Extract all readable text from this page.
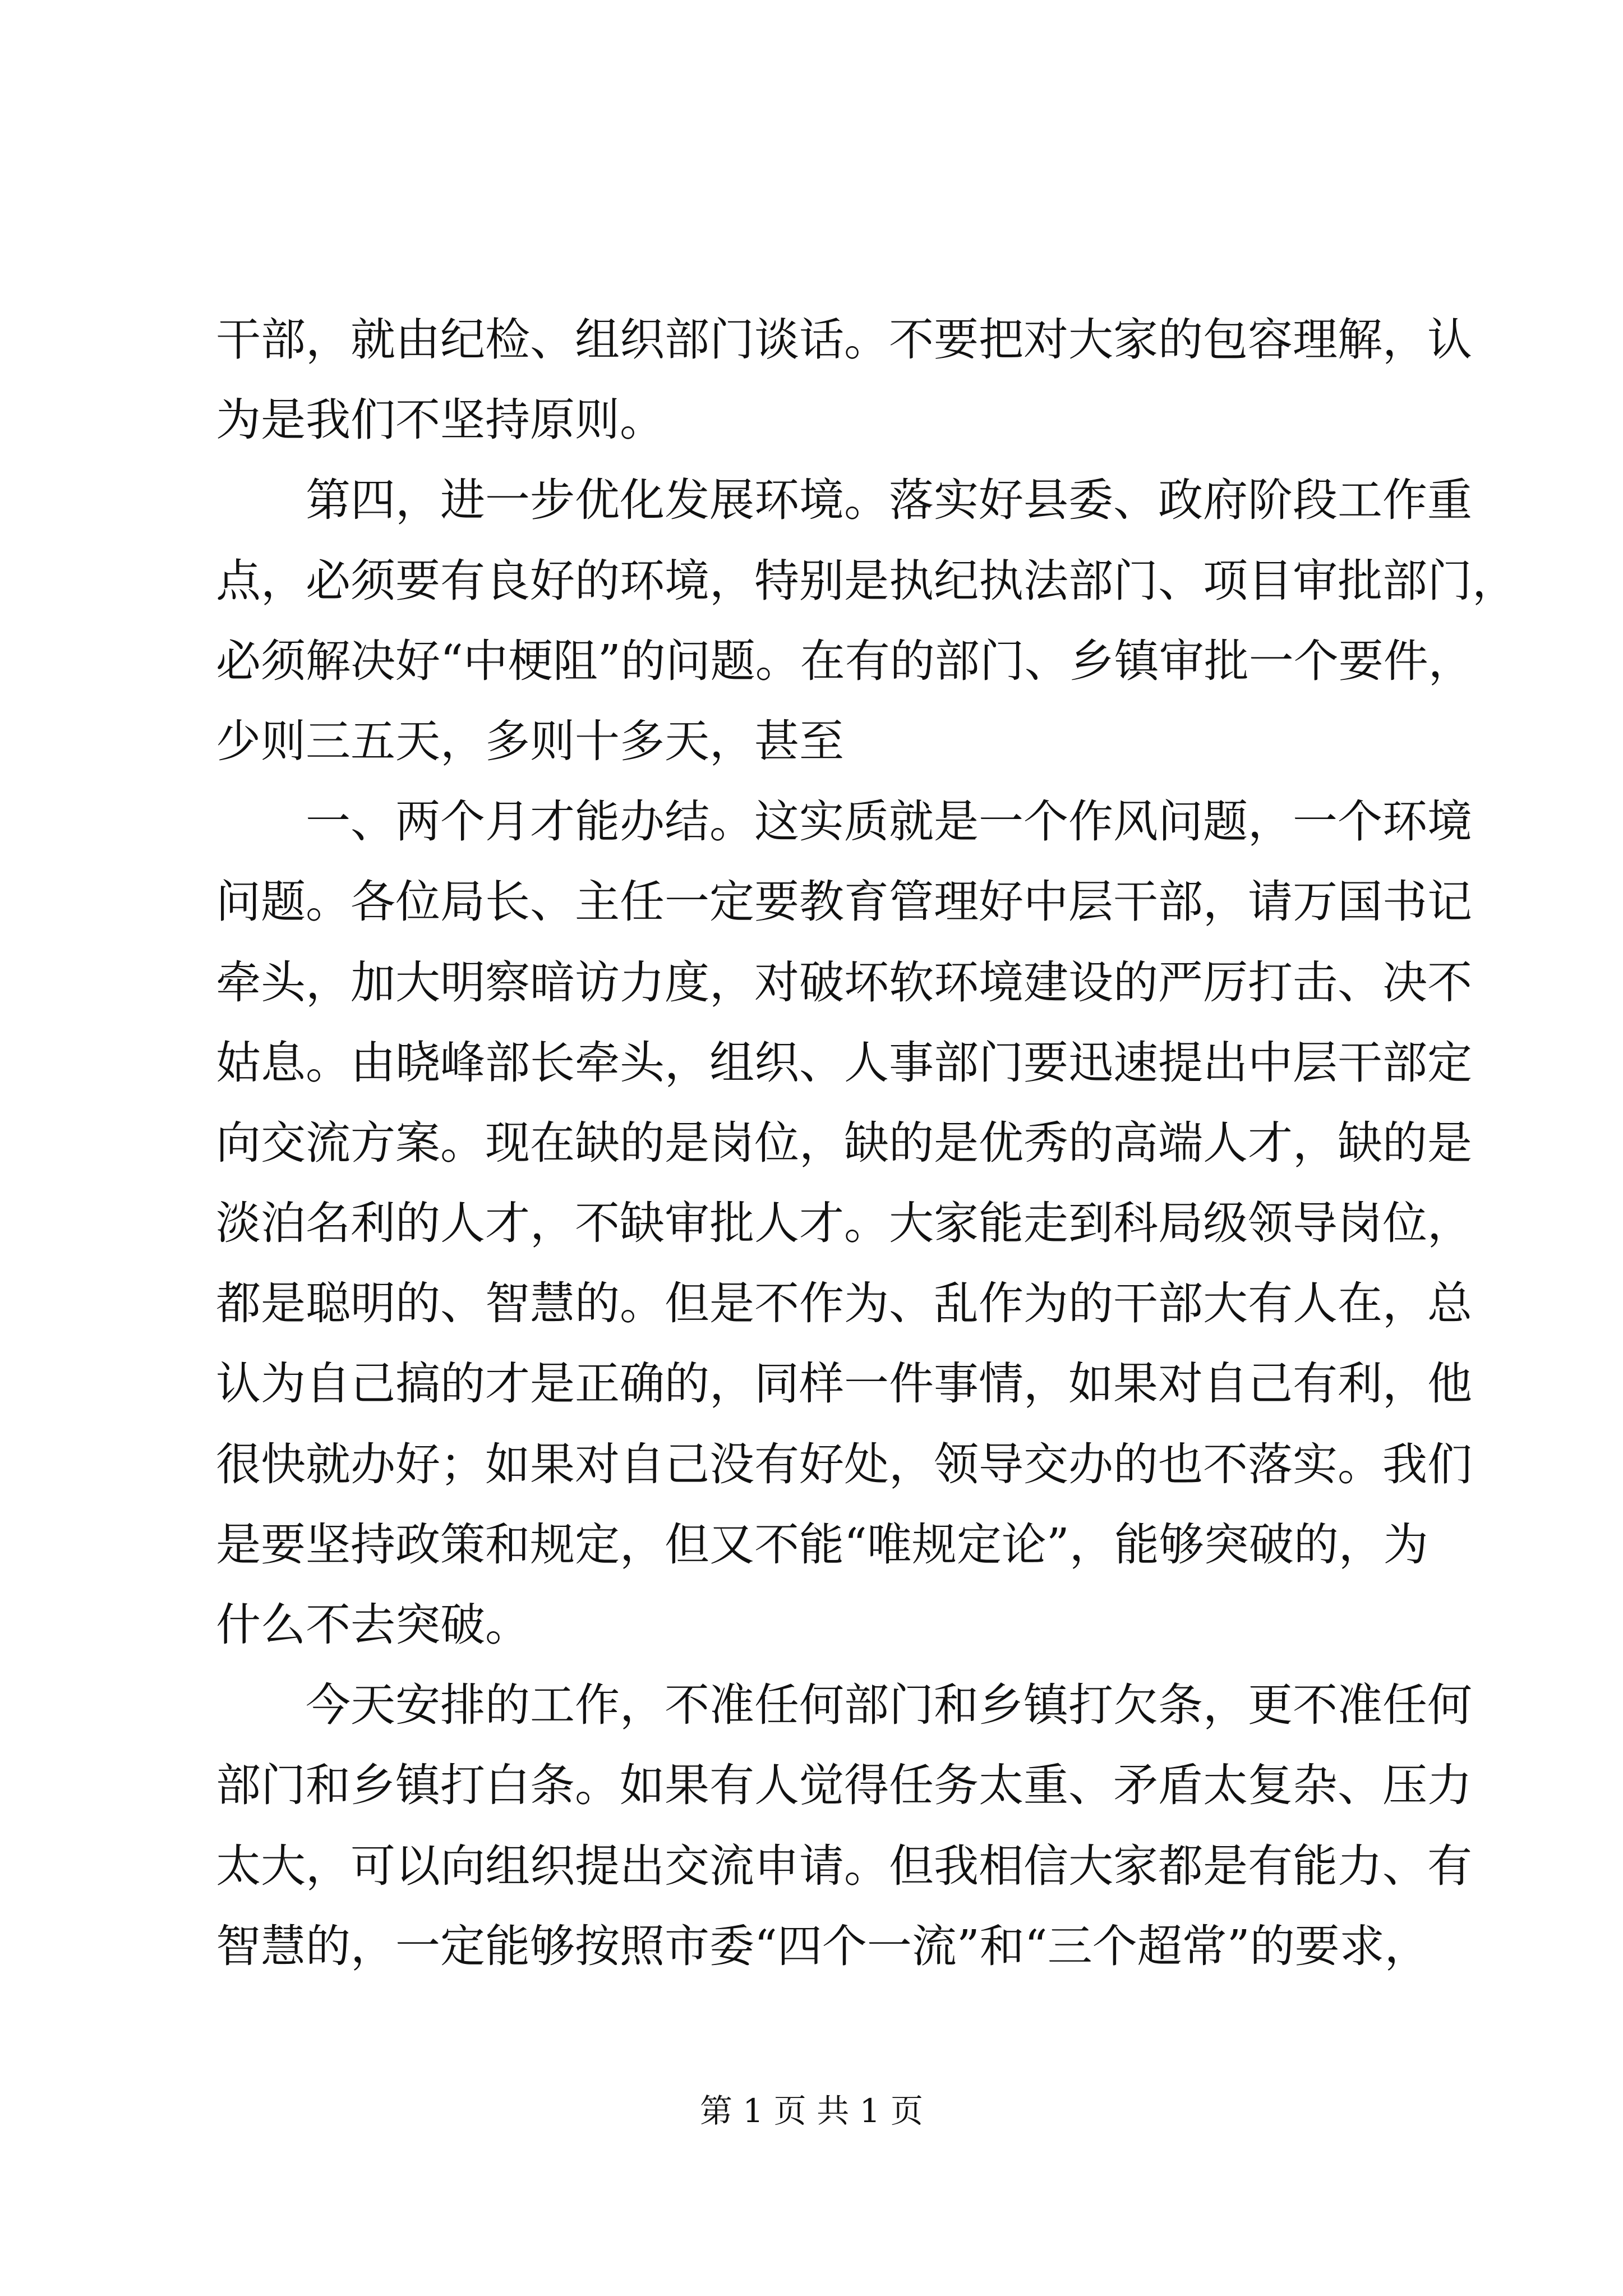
干部，就由纪检、组织部门谈话。不要把对大家的包容理解，认

为是我们不坚持原则。

第四，进一步优化发展环境。落实好县委、政府阶段工作重

点，必须要有良好的环境，特别是执纪执法部门、项目审批部门，

必须解决好“中梗阻”的问题。在有的部门、乡镇审批一个要件，

少则三五天，多则十多天，甚至

一、两个月才能办结。这实质就是一个作风问题，一个环境

问题。各位局长、主任一定要教育管理好中层干部，请万国书记

牵头，加大明察暗访力度，对破坏软环境建设的严厉打击、决不

姑息。由晓峰部长牵头，组织、人事部门要迅速提出中层干部定

向交流方案。现在缺的是岗位，缺的是优秀的高端人才，缺的是

淡泊名利的人才，不缺审批人才。大家能走到科局级领导岗位，

都是聪明的、智慧的。但是不作为、乱作为的干部大有人在，总

认为自己搞的才是正确的，同样一件事情，如果对自己有利，他

很快就办好；如果对自己没有好处，领导交办的也不落实。我们

是要坚持政策和规定，但又不能“唯规定论”，能够突破的，为

什么不去突破。

今天安排的工作，不准任何部门和乡镇打欠条，更不准任何

部门和乡镇打白条。如果有人觉得任务太重、矛盾太复杂、压力

太大，可以向组织提出交流申请。但我相信大家都是有能力、有

智慧的，一定能够按照市委“四个一流”和“三个超常”的要求，

第 1 页 共 1 页
